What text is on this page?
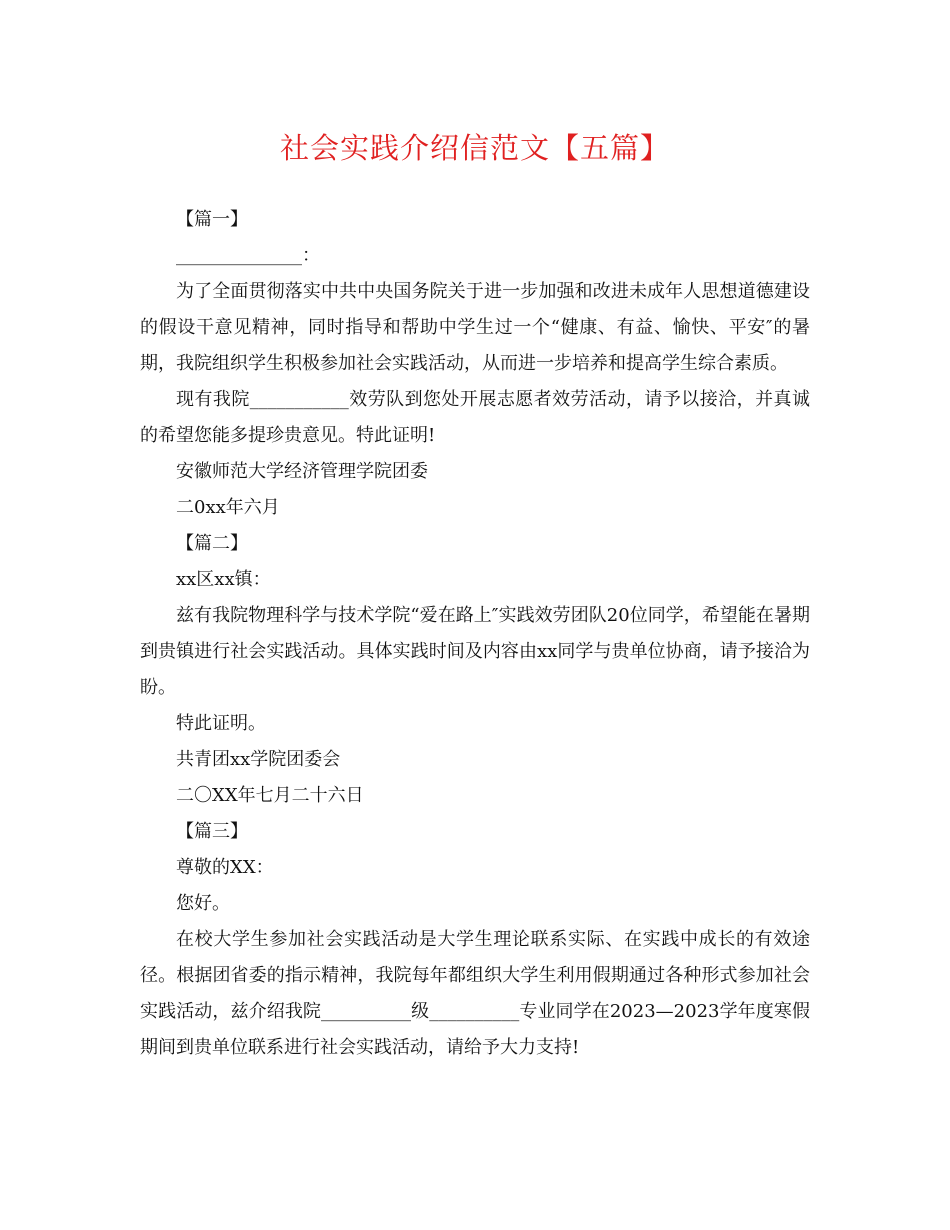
社会实践介绍信范文【五篇】
【篇一】
______________：

为了全面贯彻落实中共中央国务院关于进一步加强和改进未成年人思想道德建设的假设干意见精神，同时指导和帮助中学生过一个“健康、有益、愉快、平安″的暑期，我院组织学生积极参加社会实践活动，从而进一步培养和提高学生综合素质。

现有我院___________效劳队到您处开展志愿者效劳活动，请予以接洽，并真诚的希望您能多提珍贵意见。特此证明!

安徽师范大学经济管理学院团委
二0xx年六月
【篇二】
xx区xx镇：

兹有我院物理科学与技术学院“爱在路上″实践效劳团队20位同学，希望能在暑期到贵镇进行社会实践活动。具体实践时间及内容由xx同学与贵单位协商，请予接洽为盼。

特此证明。
共青团xx学院团委会
二〇XX年七月二十六日
【篇三】
尊敬的XX：
您好。

在校大学生参加社会实践活动是大学生理论联系实际、在实践中成长的有效途径。根据团省委的指示精神，我院每年都组织大学生利用假期通过各种形式参加社会实践活动，兹介绍我院__________级__________专业同学在2023—2023学年度寒假期间到贵单位联系进行社会实践活动，请给予大力支持!
